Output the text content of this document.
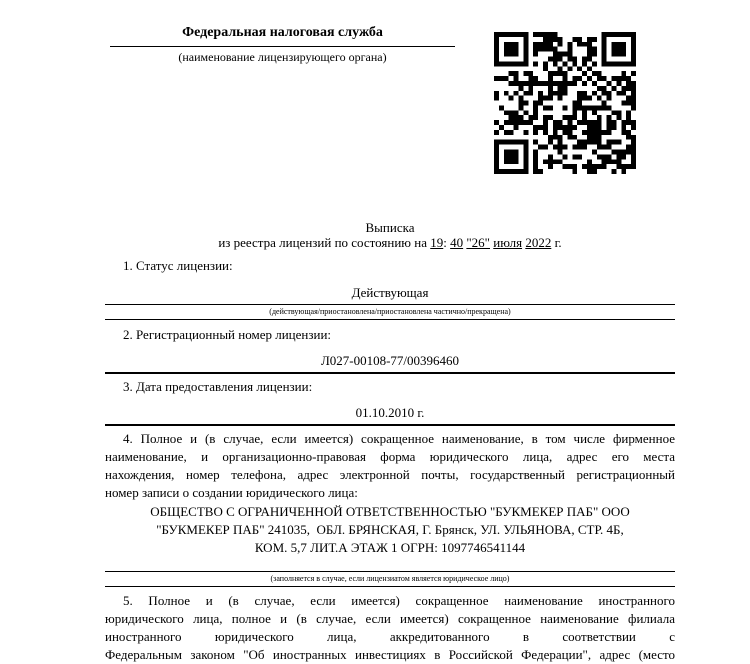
Федеральная налоговая служба
(наименование лицензирующего органа)
Выписка
из реестра лицензий по состоянию на 19: 40 "26" июля 2022 г.
1. Статус лицензии:
Действующая
(действующая/приостановлена/приостановлена частично/прекращена)
2. Регистрационный номер лицензии:
Л027-00108-77/00396460
3. Дата предоставления лицензии:
01.10.2010 г.

4. Полное и (в случае, если имеется) сокращенное наименование, в том числе фирменное

наименование, и организационно-правовая форма юридического лица, адрес его места

нахождения, номер телефона, адрес электронной почты, государственный регистрационный

номер записи о создании юридического лица:

ОБЩЕСТВО С ОГРАНИЧЕННОЙ ОТВЕТСТВЕННОСТЬЮ "БУКМЕКЕР ПАБ" ООО
"БУКМЕКЕР ПАБ" 241035,  ОБЛ. БРЯНСКАЯ, Г. Брянск, УЛ. УЛЬЯНОВА, СТР. 4Б,
КОМ. 5,7 ЛИТ.А ЭТАЖ 1 ОГРН: 1097746541144
(заполняется в случае, если лицензиатом является юридическое лицо)

5. Полное и (в случае, если имеется) сокращенное наименование иностранного

юридического лица, полное и (в случае, если имеется) сокращенное наименование филиала

иностранного юридического лица, аккредитованного в соответствии с

Федеральным законом "Об иностранных инвестициях в Российской Федерации", адрес (место
